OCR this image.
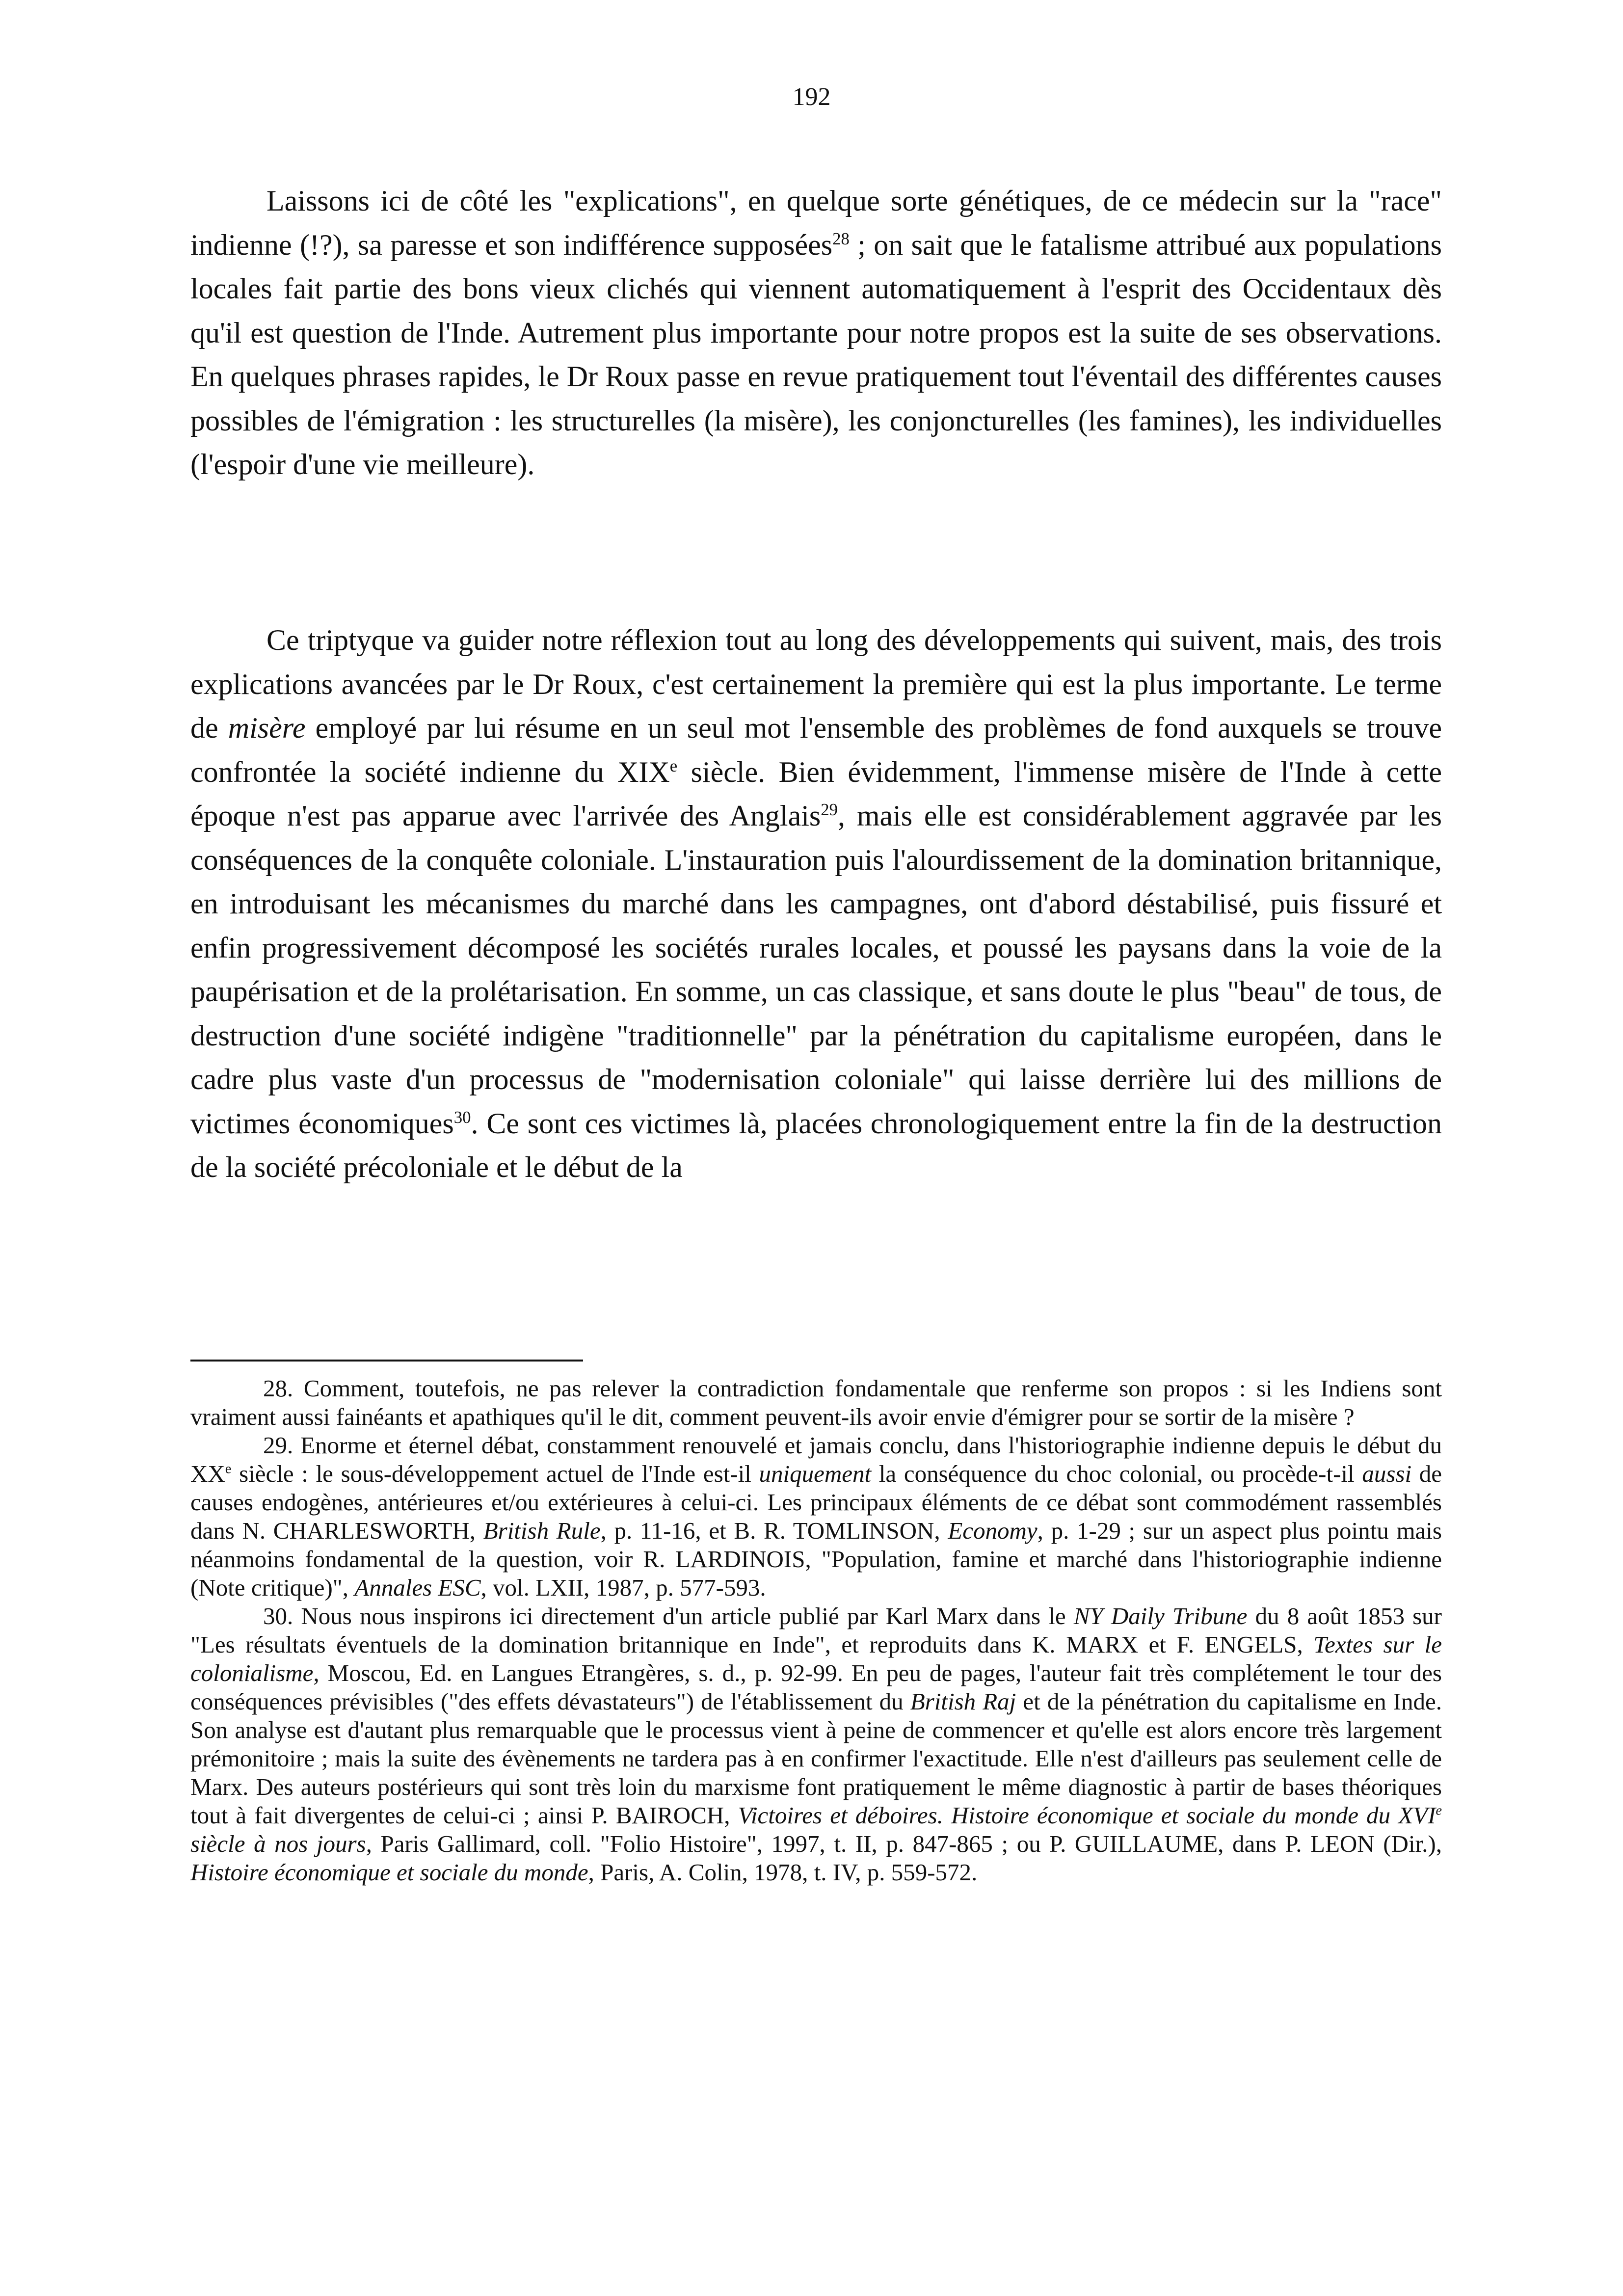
192

Laissons ici de côté les "explications", en quelque sorte génétiques, de ce médecin sur la "race" indienne (!?), sa paresse et son indifférence supposées$^{28}$ ; on sait que le fatalisme attribué aux populations locales fait partie des bons vieux clichés qui viennent automatiquement à l'esprit des Occidentaux dès qu'il est question de l'Inde. Autrement plus importante pour notre propos est la suite de ses observations. En quelques phrases rapides, le Dr Roux passe en revue pratiquement tout l'éventail des différentes causes possibles de l'émigration : les structurelles (la misère), les conjoncturelles (les famines), les individuelles (l'espoir d'une vie meilleure).

Ce triptyque va guider notre réflexion tout au long des développements qui suivent, mais, des trois explications avancées par le Dr Roux, c'est certainement la première qui est la plus importante. Le terme de misère employé par lui résume en un seul mot l'ensemble des problèmes de fond auxquels se trouve confrontée la société indienne du XIXe siècle. Bien évidemment, l'immense misère de l'Inde à cette époque n'est pas apparue avec l'arrivée des Anglais$^{29}$, mais elle est considérablement aggravée par les conséquences de la conquête coloniale. L'instauration puis l'alourdissement de la domination britannique, en introduisant les mécanismes du marché dans les campagnes, ont d'abord déstabilisé, puis fissuré et enfin progressivement décomposé les sociétés rurales locales, et poussé les paysans dans la voie de la paupérisation et de la prolétarisation. En somme, un cas classique, et sans doute le plus "beau" de tous, de destruction d'une société indigène "traditionnelle" par la pénétration du capitalisme européen, dans le cadre plus vaste d'un processus de "modernisation coloniale" qui laisse derrière lui des millions de victimes économiques$^{30}$. Ce sont ces victimes là, placées chronologiquement entre la fin de la destruction de la société précoloniale et le début de la

28. Comment, toutefois, ne pas relever la contradiction fondamentale que renferme son propos : si les Indiens sont vraiment aussi fainéants et apathiques qu'il le dit, comment peuvent-ils avoir envie d'émigrer pour se sortir de la misère ?

29. Enorme et éternel débat, constamment renouvelé et jamais conclu, dans l'historiographie indienne depuis le début du XXe siècle : le sous-développement actuel de l'Inde est-il uniquement la conséquence du choc colonial, ou procède-t-il aussi de causes endogènes, antérieures et/ou extérieures à celui-ci. Les principaux éléments de ce débat sont commodément rassemblés dans N. CHARLESWORTH, British Rule, p. 11-16, et B. R. TOMLINSON, Economy, p. 1-29 ; sur un aspect plus pointu mais néanmoins fondamental de la question, voir R. LARDINOIS, "Population, famine et marché dans l'historiographie indienne (Note critique)", Annales ESC, vol. LXII, 1987, p. 577-593.

30. Nous nous inspirons ici directement d'un article publié par Karl Marx dans le NY Daily Tribune du 8 août 1853 sur "Les résultats éventuels de la domination britannique en Inde", et reproduits dans K. MARX et F. ENGELS, Textes sur le colonialisme, Moscou, Ed. en Langues Etrangères, s. d., p. 92-99. En peu de pages, l'auteur fait très complétement le tour des conséquences prévisibles ("des effets dévastateurs") de l'établissement du British Raj et de la pénétration du capitalisme en Inde. Son analyse est d'autant plus remarquable que le processus vient à peine de commencer et qu'elle est alors encore très largement prémonitoire ; mais la suite des évènements ne tardera pas à en confirmer l'exactitude. Elle n'est d'ailleurs pas seulement celle de Marx. Des auteurs postérieurs qui sont très loin du marxisme font pratiquement le même diagnostic à partir de bases théoriques tout à fait divergentes de celui-ci ; ainsi P. BAIROCH, Victoires et déboires. Histoire économique et sociale du monde du XVIe siècle à nos jours, Paris Gallimard, coll. "Folio Histoire", 1997, t. II, p. 847-865 ; ou P. GUILLAUME, dans P. LEON (Dir.), Histoire économique et sociale du monde, Paris, A. Colin, 1978, t. IV, p. 559-572.
